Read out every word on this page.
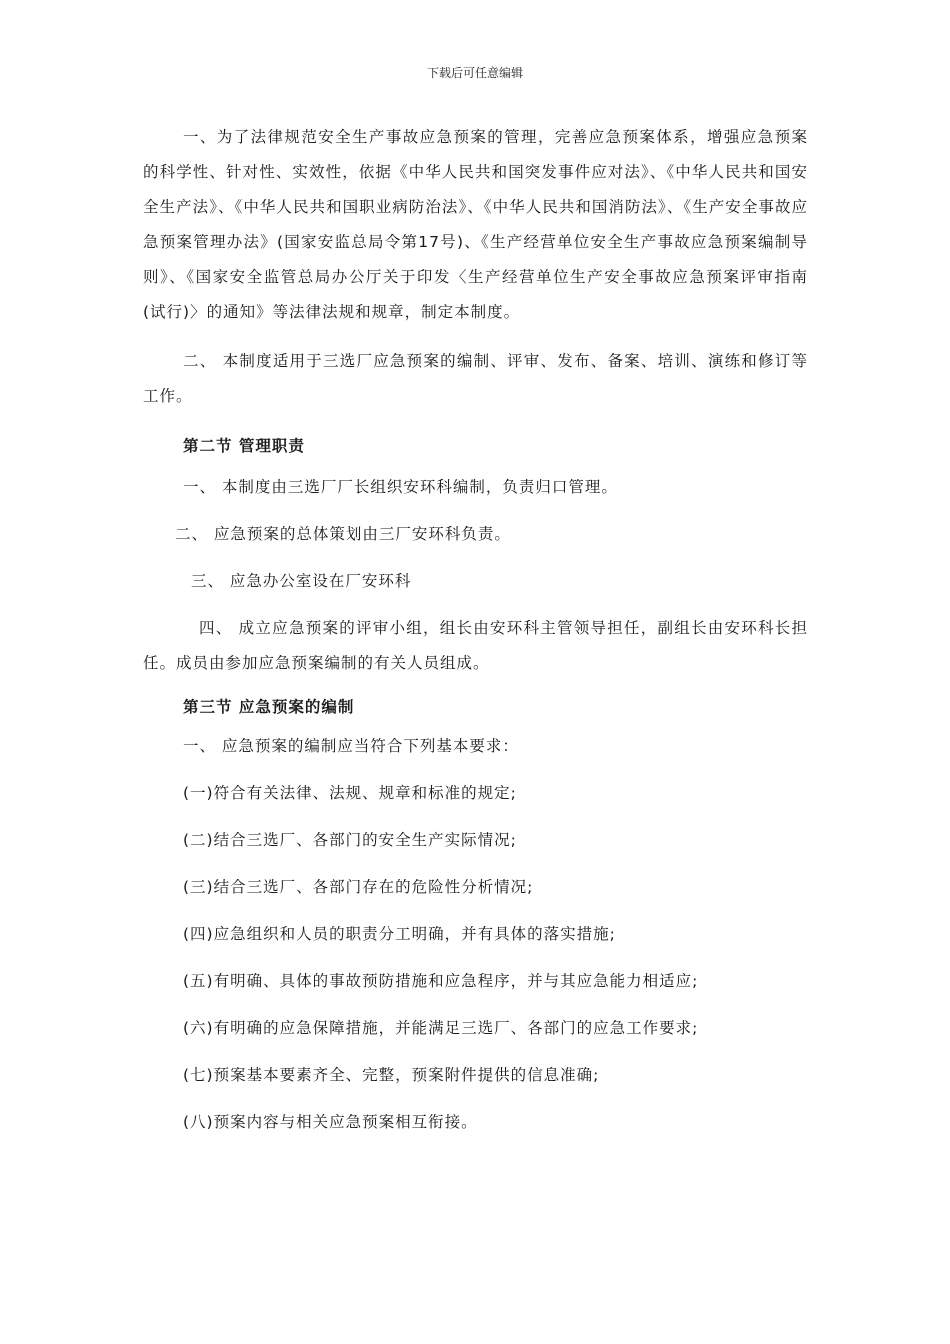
下载后可任意编辑

一、为了法律规范安全生产事故应急预案的管理，完善应急预案体系，增强应急预案的科学性、针对性、实效性，依据《中华人民共和国突发事件应对法》、《中华人民共和国安全生产法》、《中华人民共和国职业病防治法》、《中华人民共和国消防法》、《生产安全事故应急预案管理办法》(国家安监总局令第17号)、《生产经营单位安全生产事故应急预案编制导则》、《国家安全监管总局办公厅关于印发〈生产经营单位生产安全事故应急预案评审指南(试行)〉的通知》等法律法规和规章，制定本制度。

二、 本制度适用于三选厂应急预案的编制、评审、发布、备案、培训、演练和修订等工作。

第二节 管理职责

一、 本制度由三选厂厂长组织安环科编制，负责归口管理。

二、 应急预案的总体策划由三厂安环科负责。

三、 应急办公室设在厂安环科

四、 成立应急预案的评审小组，组长由安环科主管领导担任，副组长由安环科长担任。成员由参加应急预案编制的有关人员组成。

第三节 应急预案的编制

一、 应急预案的编制应当符合下列基本要求：

(一)符合有关法律、法规、规章和标准的规定;

(二)结合三选厂、各部门的安全生产实际情况;

(三)结合三选厂、各部门存在的危险性分析情况;

(四)应急组织和人员的职责分工明确，并有具体的落实措施;

(五)有明确、具体的事故预防措施和应急程序，并与其应急能力相适应;

(六)有明确的应急保障措施，并能满足三选厂、各部门的应急工作要求;

(七)预案基本要素齐全、完整，预案附件提供的信息准确;

(八)预案内容与相关应急预案相互衔接。
